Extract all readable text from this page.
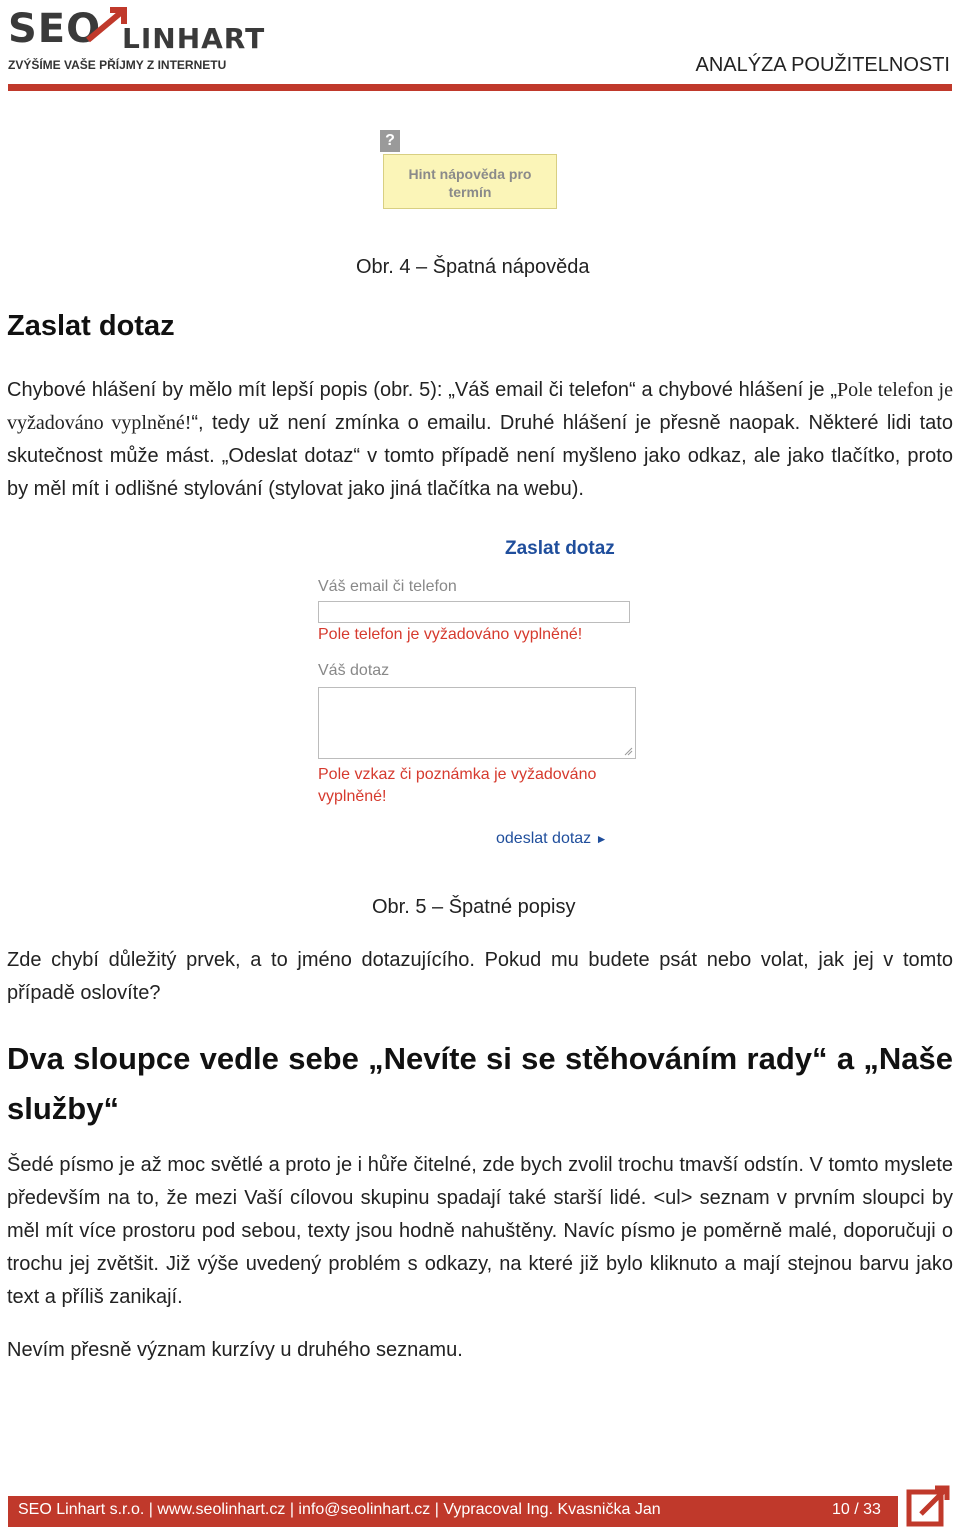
SEO LINHART
ZVÝŠÍME VAŠE PŘÍJMY Z INTERNETU	ANALÝZA POUŽITELNOSTI
?
Hint nápověda pro
termín
Obr. 4 – Špatná nápověda
Zaslat dotaz

Chybové hlášení by mělo mít lepší popis (obr. 5): „Váš email či telefon“ a chybové hlášení je „Pole telefon je vyžadováno vyplněné!“, tedy už není zmínka o emailu. Druhé hlášení je přesně naopak. Některé lidi tato skutečnost může mást. „Odeslat dotaz“ v tomto případě není myšleno jako odkaz, ale jako tlačítko, proto by měl mít i odlišné stylování (stylovat jako jiná tlačítka na webu).

Zaslat dotaz
Váš email či telefon
Pole telefon je vyžadováno vyplněné!
Váš dotaz
Pole vzkaz či poznámka je vyžadováno
vyplněné!
odeslat dotaz ►
Obr. 5 – Špatné popisy

Zde chybí důležitý prvek, a to jméno dotazujícího. Pokud mu budete psát nebo volat, jak jej v tomto případě oslovíte?

Dva sloupce vedle sebe „Nevíte si se stěhováním rady“ a „Naše služby“

Šedé písmo je až moc světlé a proto je i hůře čitelné, zde bych zvolil trochu tmavší odstín. V tomto myslete především na to, že mezi Vaší cílovou skupinu spadají také starší lidé. <ul> seznam v prvním sloupci by měl mít více prostoru pod sebou, texty jsou hodně nahuštěny. Navíc písmo je poměrně malé, doporučuji o trochu jej zvětšit. Již výše uvedený problém s odkazy, na které již bylo kliknuto a mají stejnou barvu jako text a příliš zanikají.

Nevím přesně význam kurzívy u druhého seznamu.

SEO Linhart s.r.o. | www.seolinhart.cz | info@seolinhart.cz | Vypracoval Ing. Kvasnička Jan	10 / 33
